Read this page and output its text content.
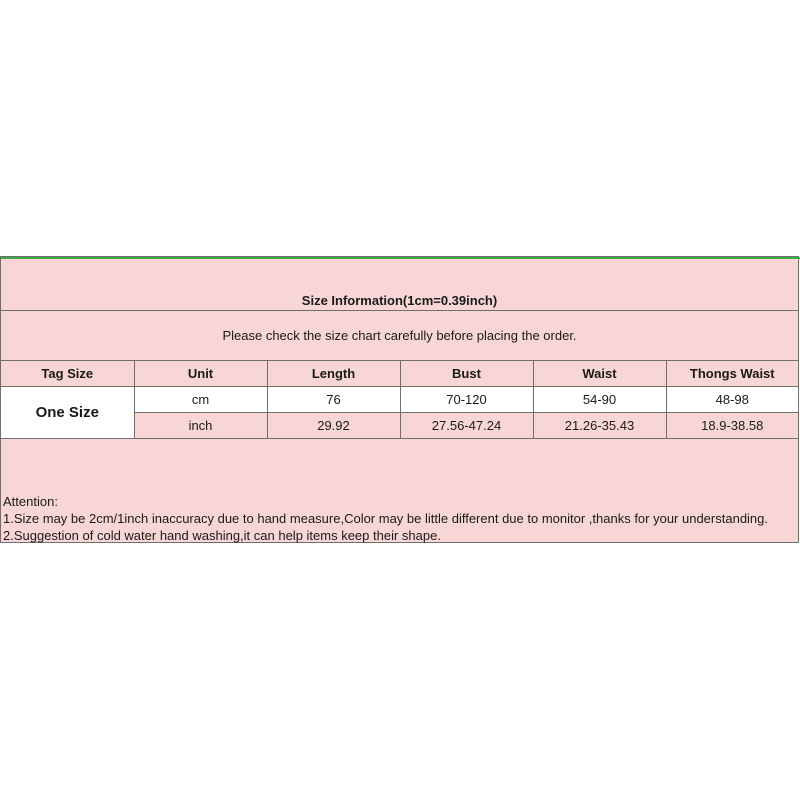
Size Information(1cm=0.39inch)
Please check the size chart carefully before placing the order.
Tag Size	Unit	Length	Bust	Waist	Thongs Waist
One Size	cm	76	70-120	54-90	48-98
	inch	29.92	27.56-47.24	21.26-35.43	18.9-38.58
Attention:
1.Size may be 2cm/1inch inaccuracy due to hand measure,Color may be little different due to monitor ,thanks for your understanding.
2.Suggestion of cold water hand washing,it can help items keep their shape.
